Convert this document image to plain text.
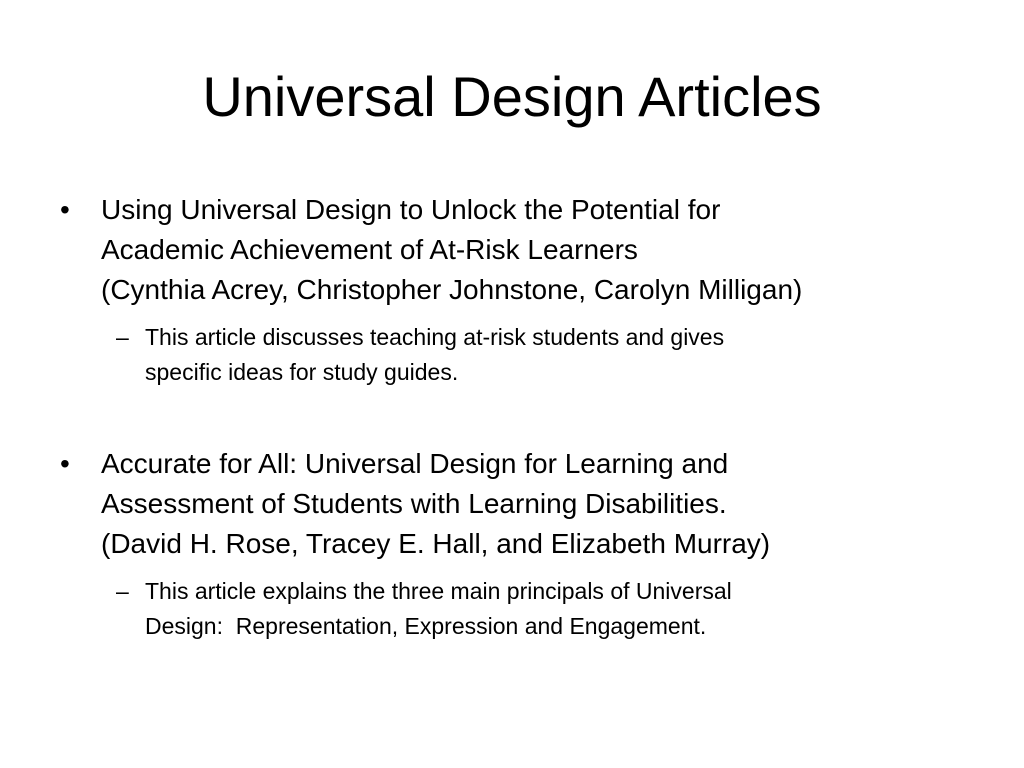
Universal Design Articles
• Using Universal Design to Unlock the Potential for
Academic Achievement of At-Risk Learners
(Cynthia Acrey, Christopher Johnstone, Carolyn Milligan)
– This article discusses teaching at-risk students and gives
specific ideas for study guides.
• Accurate for All: Universal Design for Learning and
Assessment of Students with Learning Disabilities.
(David H. Rose, Tracey E. Hall, and Elizabeth Murray)
– This article explains the three main principals of Universal
Design:  Representation, Expression and Engagement.
